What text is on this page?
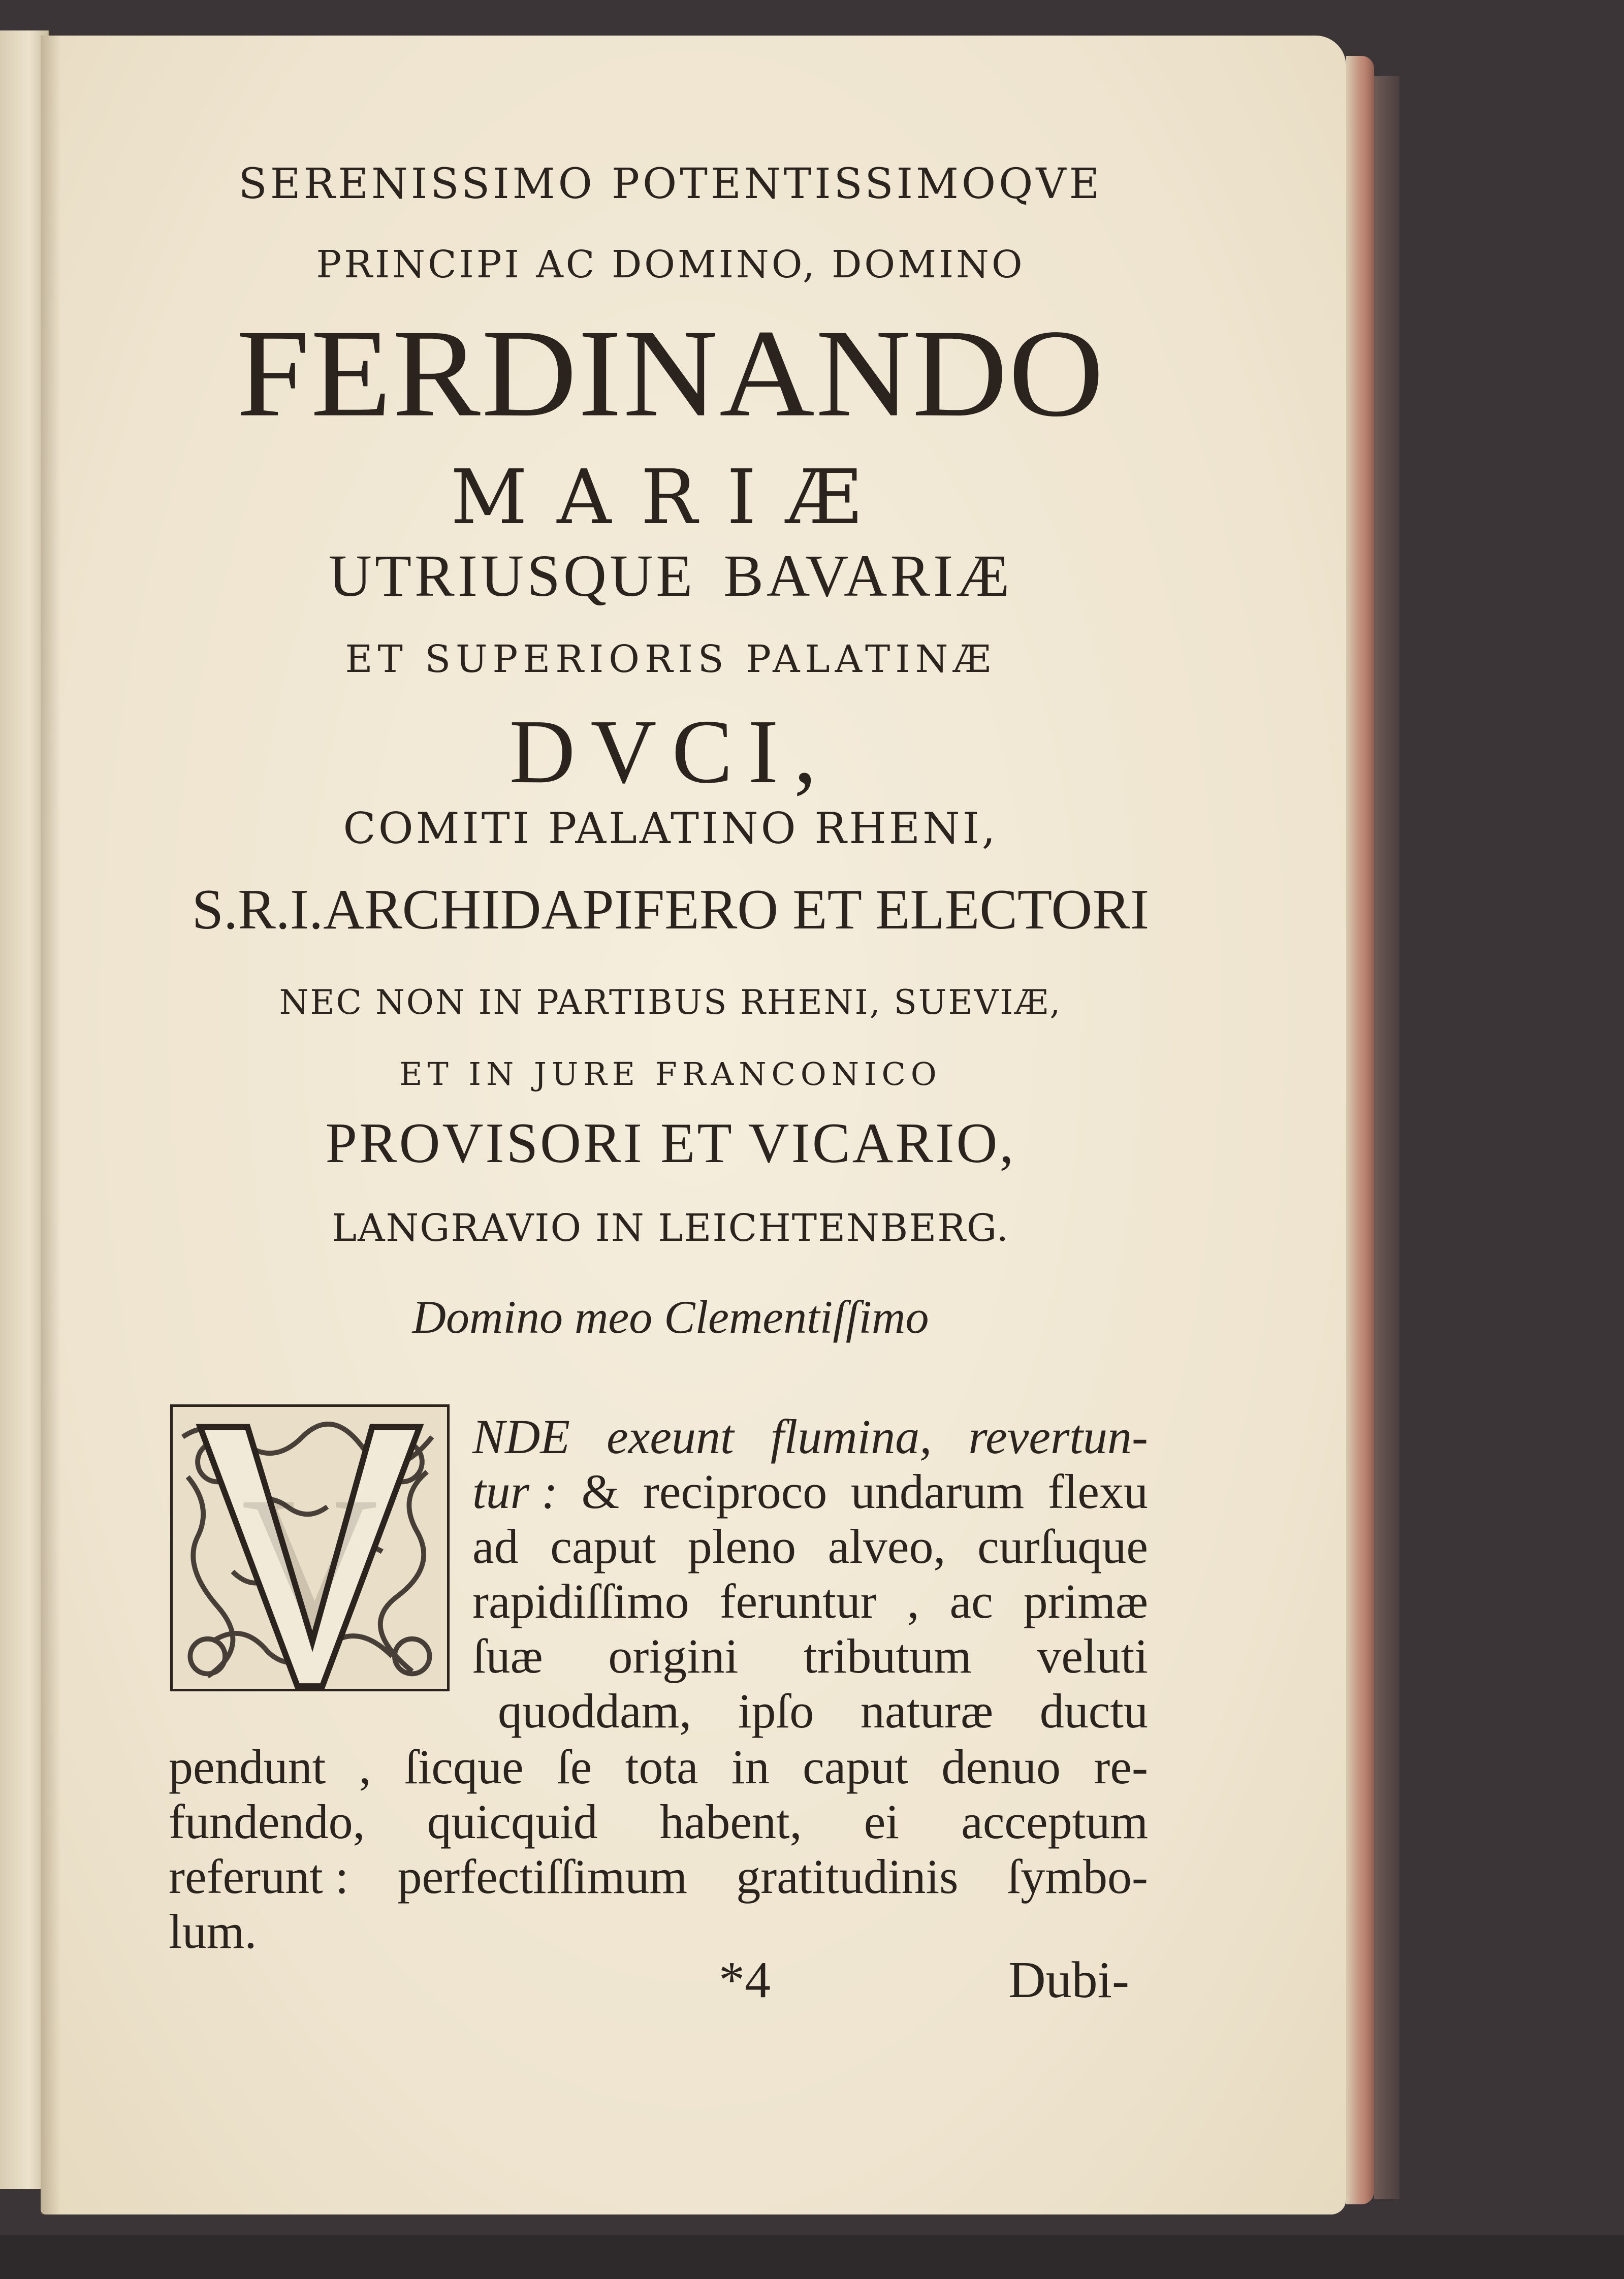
SERENISSIMO POTENTISSIMOQVE
PRINCIPI AC DOMINO, DOMINO
FERDINANDO
MARIÆ
UTRIUSQUE BAVARIÆ
ET SUPERIORIS PALATINÆ
DVCI,
COMITI PALATINO RHENI,
S.R.I.ARCHIDAPIFERO ET ELECTORI
NEC NON IN PARTIBUS RHENI, SUEVIÆ,
ET IN JURE FRANCONICO
PROVISORI ET VICARIO,
LANGRAVIO IN LEICHTENBERG.
Domino meo Clementiſſimo
V
NDE exeunt flumina, revertun-
tur : & reciproco undarum flexu
ad caput pleno alveo, curſuque
rapidiſſimo feruntur , ac primæ
ſuæ origini tributum veluti
quoddam, ipſo naturæ ductu
pendunt , ſicque ſe tota in caput denuo re-
fundendo, quicquid habent, ei acceptum
referunt : perfectiſſimum gratitudinis ſymbo-
lum.
*4	Dubi-
